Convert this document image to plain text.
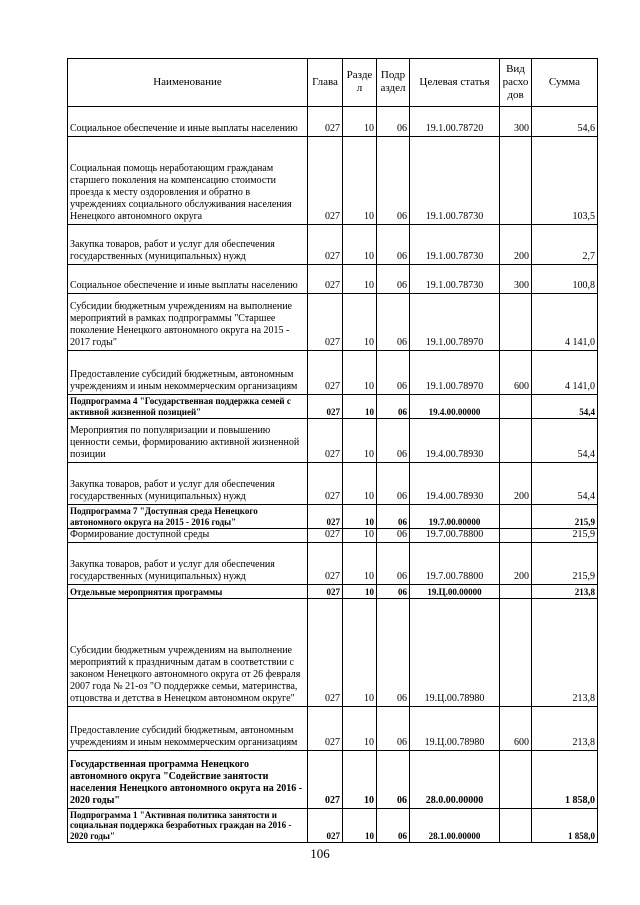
Наименование	Глава	Разде л	Подр аздел	Целевая статья	Вид расхо дов	Сумма
Социальное обеспечение и иные выплаты населению	027	10	06	19.1.00.78720	300	54,6
Социальная помощь неработающим гражданам старшего поколения на компенсацию стоимости проезда к месту оздоровления и обратно в учреждениях социального обслуживания населения Ненецкого автономного округа	027	10	06	19.1.00.78730		103,5
Закупка товаров, работ и услуг для обеспечения государственных (муниципальных) нужд	027	10	06	19.1.00.78730	200	2,7
Социальное обеспечение и иные выплаты населению	027	10	06	19.1.00.78730	300	100,8
Субсидии бюджетным учреждениям на выполнение мероприятий в рамках подпрограммы "Старшее поколение Ненецкого автономного округа на 2015 - 2017 годы"	027	10	06	19.1.00.78970		4 141,0
Предоставление субсидий бюджетным, автономным учреждениям и иным некоммерческим организациям	027	10	06	19.1.00.78970	600	4 141,0
Подпрограмма 4 "Государственная поддержка семей с активной жизненной позицией"	027	10	06	19.4.00.00000		54,4
Мероприятия по популяризации и повышению ценности семьи, формированию активной жизненной позиции	027	10	06	19.4.00.78930		54,4
Закупка товаров, работ и услуг для обеспечения государственных (муниципальных) нужд	027	10	06	19.4.00.78930	200	54,4
Подпрограмма 7 "Доступная среда Ненецкого автономного округа на 2015 - 2016 годы"	027	10	06	19.7.00.00000		215,9
Формирование доступной среды	027	10	06	19.7.00.78800		215,9
Закупка товаров, работ и услуг для обеспечения государственных (муниципальных) нужд	027	10	06	19.7.00.78800	200	215,9
Отдельные мероприятия программы	027	10	06	19.Ц.00.00000		213,8
Субсидии бюджетным учреждениям на выполнение мероприятий к праздничным датам в соответствии с законом Ненецкого автономного округа от 26 февраля 2007 года № 21-оз "О поддержке семьи, материнства, отцовства и детства в Ненецком автономном округе"	027	10	06	19.Ц.00.78980		213,8
Предоставление субсидий бюджетным, автономным учреждениям и иным некоммерческим организациям	027	10	06	19.Ц.00.78980	600	213,8
Государственная программа Ненецкого автономного округа "Содействие занятости населения Ненецкого автономного округа на 2016 - 2020 годы"	027	10	06	28.0.00.00000		1 858,0
Подпрограмма 1 "Активная политика занятости и социальная поддержка безработных граждан на 2016 - 2020 годы"	027	10	06	28.1.00.00000		1 858,0
106
